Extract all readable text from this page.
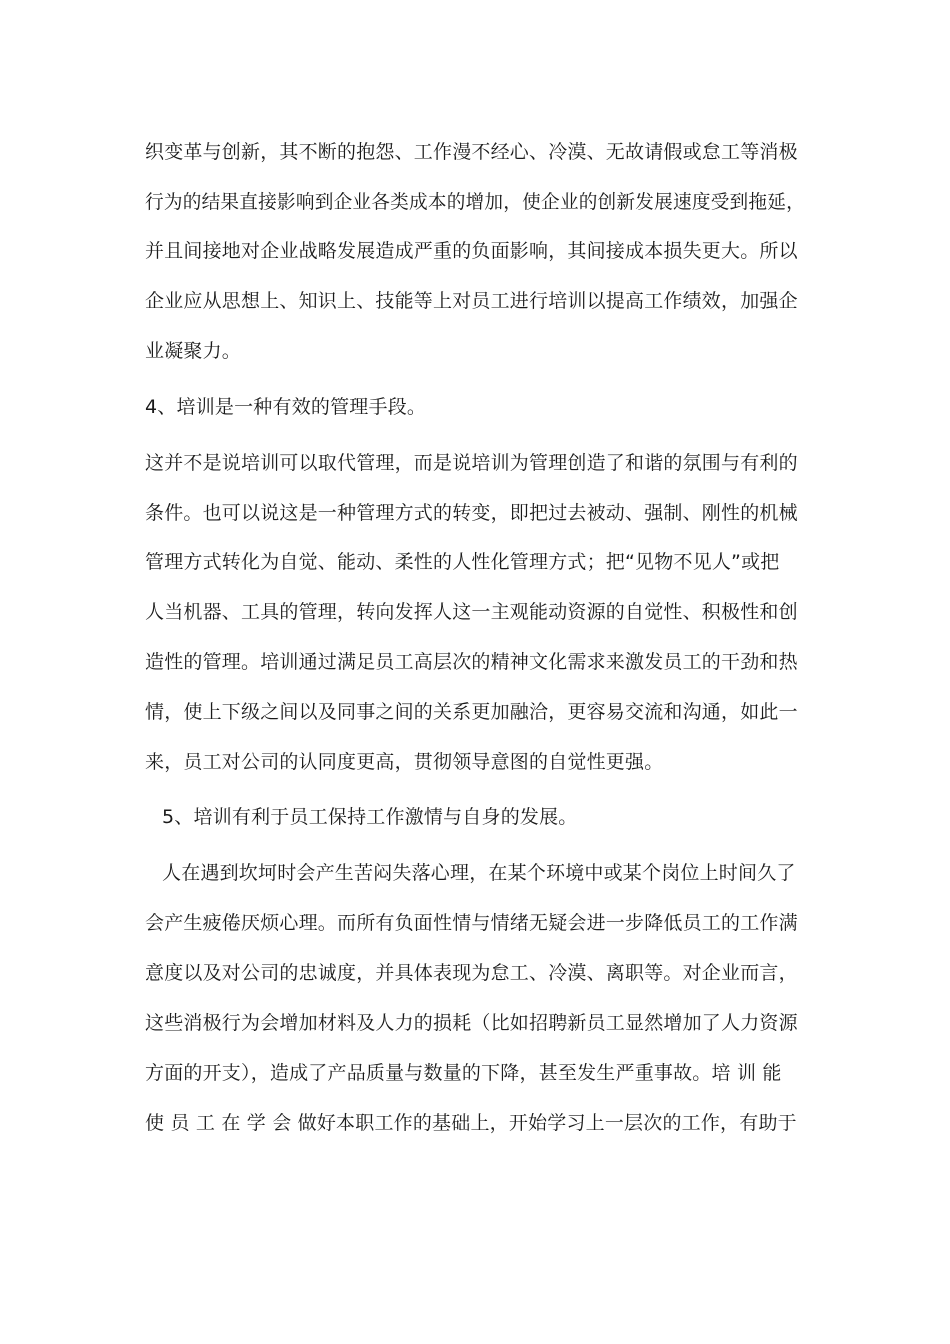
织变革与创新，其不断的抱怨、工作漫不经心、冷漠、无故请假或怠工等消极
行为的结果直接影响到企业各类成本的增加，使企业的创新发展速度受到拖延，
并且间接地对企业战略发展造成严重的负面影响，其间接成本损失更大。所以
企业应从思想上、知识上、技能等上对员工进行培训以提高工作绩效，加强企
业凝聚力。
4、培训是一种有效的管理手段。
这并不是说培训可以取代管理，而是说培训为管理创造了和谐的氛围与有利的
条件。也可以说这是一种管理方式的转变，即把过去被动、强制、刚性的机械
管理方式转化为自觉、能动、柔性的人性化管理方式；把“见物不见人”或把
人当机器、工具的管理，转向发挥人这一主观能动资源的自觉性、积极性和创
造性的管理。培训通过满足员工高层次的精神文化需求来激发员工的干劲和热
情，使上下级之间以及同事之间的关系更加融洽，更容易交流和沟通，如此一
来，员工对公司的认同度更高，贯彻领导意图的自觉性更强。
5、培训有利于员工保持工作激情与自身的发展。
人在遇到坎坷时会产生苦闷失落心理，在某个环境中或某个岗位上时间久了
会产生疲倦厌烦心理。而所有负面性情与情绪无疑会进一步降低员工的工作满
意度以及对公司的忠诚度，并具体表现为怠工、冷漠、离职等。对企业而言，
这些消极行为会增加材料及人力的损耗（比如招聘新员工显然增加了人力资源
方面的开支），造成了产品质量与数量的下降，甚至发生严重事故。培 训 能
使 员 工 在 学 会 做好本职工作的基础上，开始学习上一层次的工作，有助于
